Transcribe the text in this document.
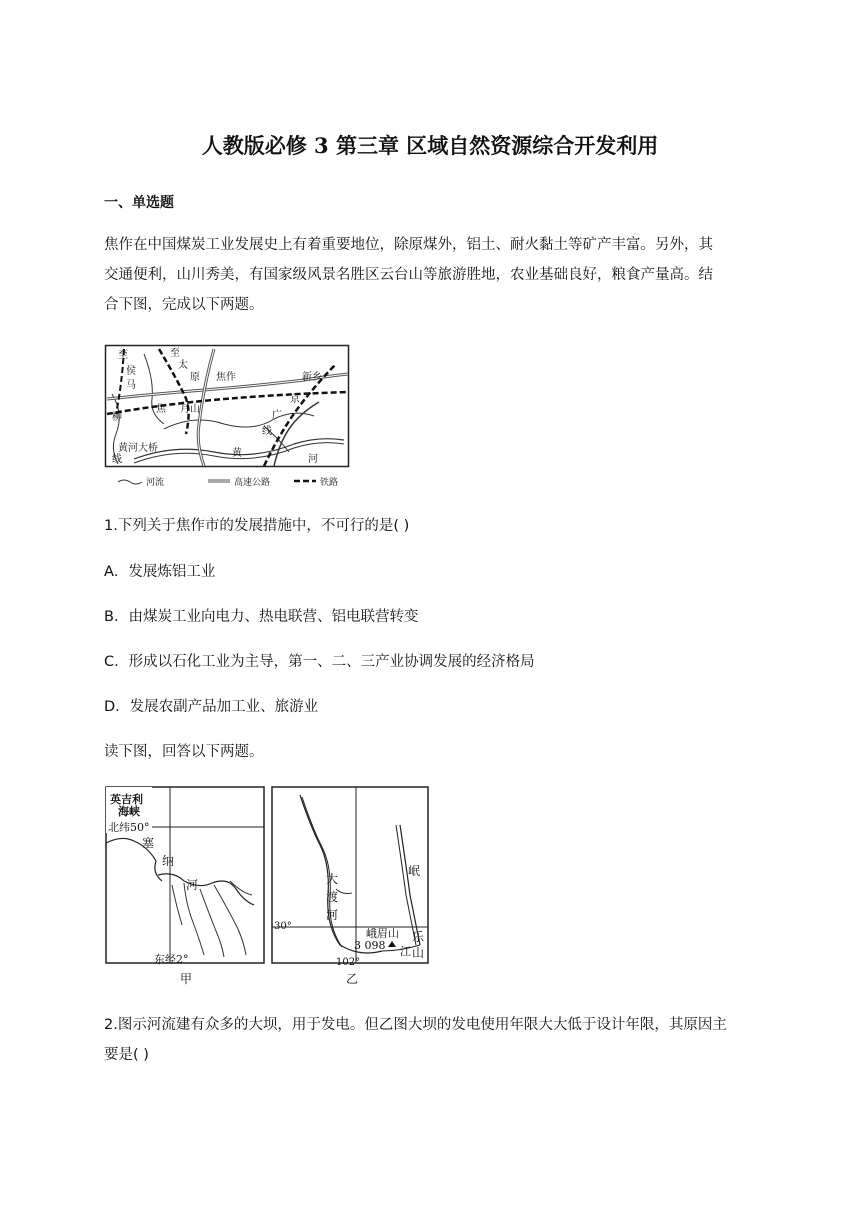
人教版必修 3 第三章 区域自然资源综合开发利用
一、单选题
焦作在中国煤炭工业发展史上有着重要地位，除原煤外，铝土、耐火黏土等矿产丰富。另外，其
交通便利，山川秀美，有国家级风景名胜区云台山等旅游胜地，农业基础良好，粮食产量高。结
合下图，完成以下两题。
至
侯
马
至
太
原 焦作	新乡
京
广
线
焦
柳
月山
线
黄河大桥	黄
河
河流	高速公路	铁路
1.下列关于焦作市的发展措施中，不可行的是( )
A．发展炼铝工业
B．由煤炭工业向电力、热电联营、铝电联营转变
C．形成以石化工业为主导，第一、二、三产业协调发展的经济格局
D．发展农副产品加工业、旅游业
读下图，回答以下两题。
英吉利
海峡
北纬50°
塞
纳
河
东经2°
甲
大
渡
河
岷
峨眉山
3 098
乐
山
江
30°
102°
乙
2.图示河流建有众多的大坝，用于发电。但乙图大坝的发电使用年限大大低于设计年限，其原因主
要是( )
